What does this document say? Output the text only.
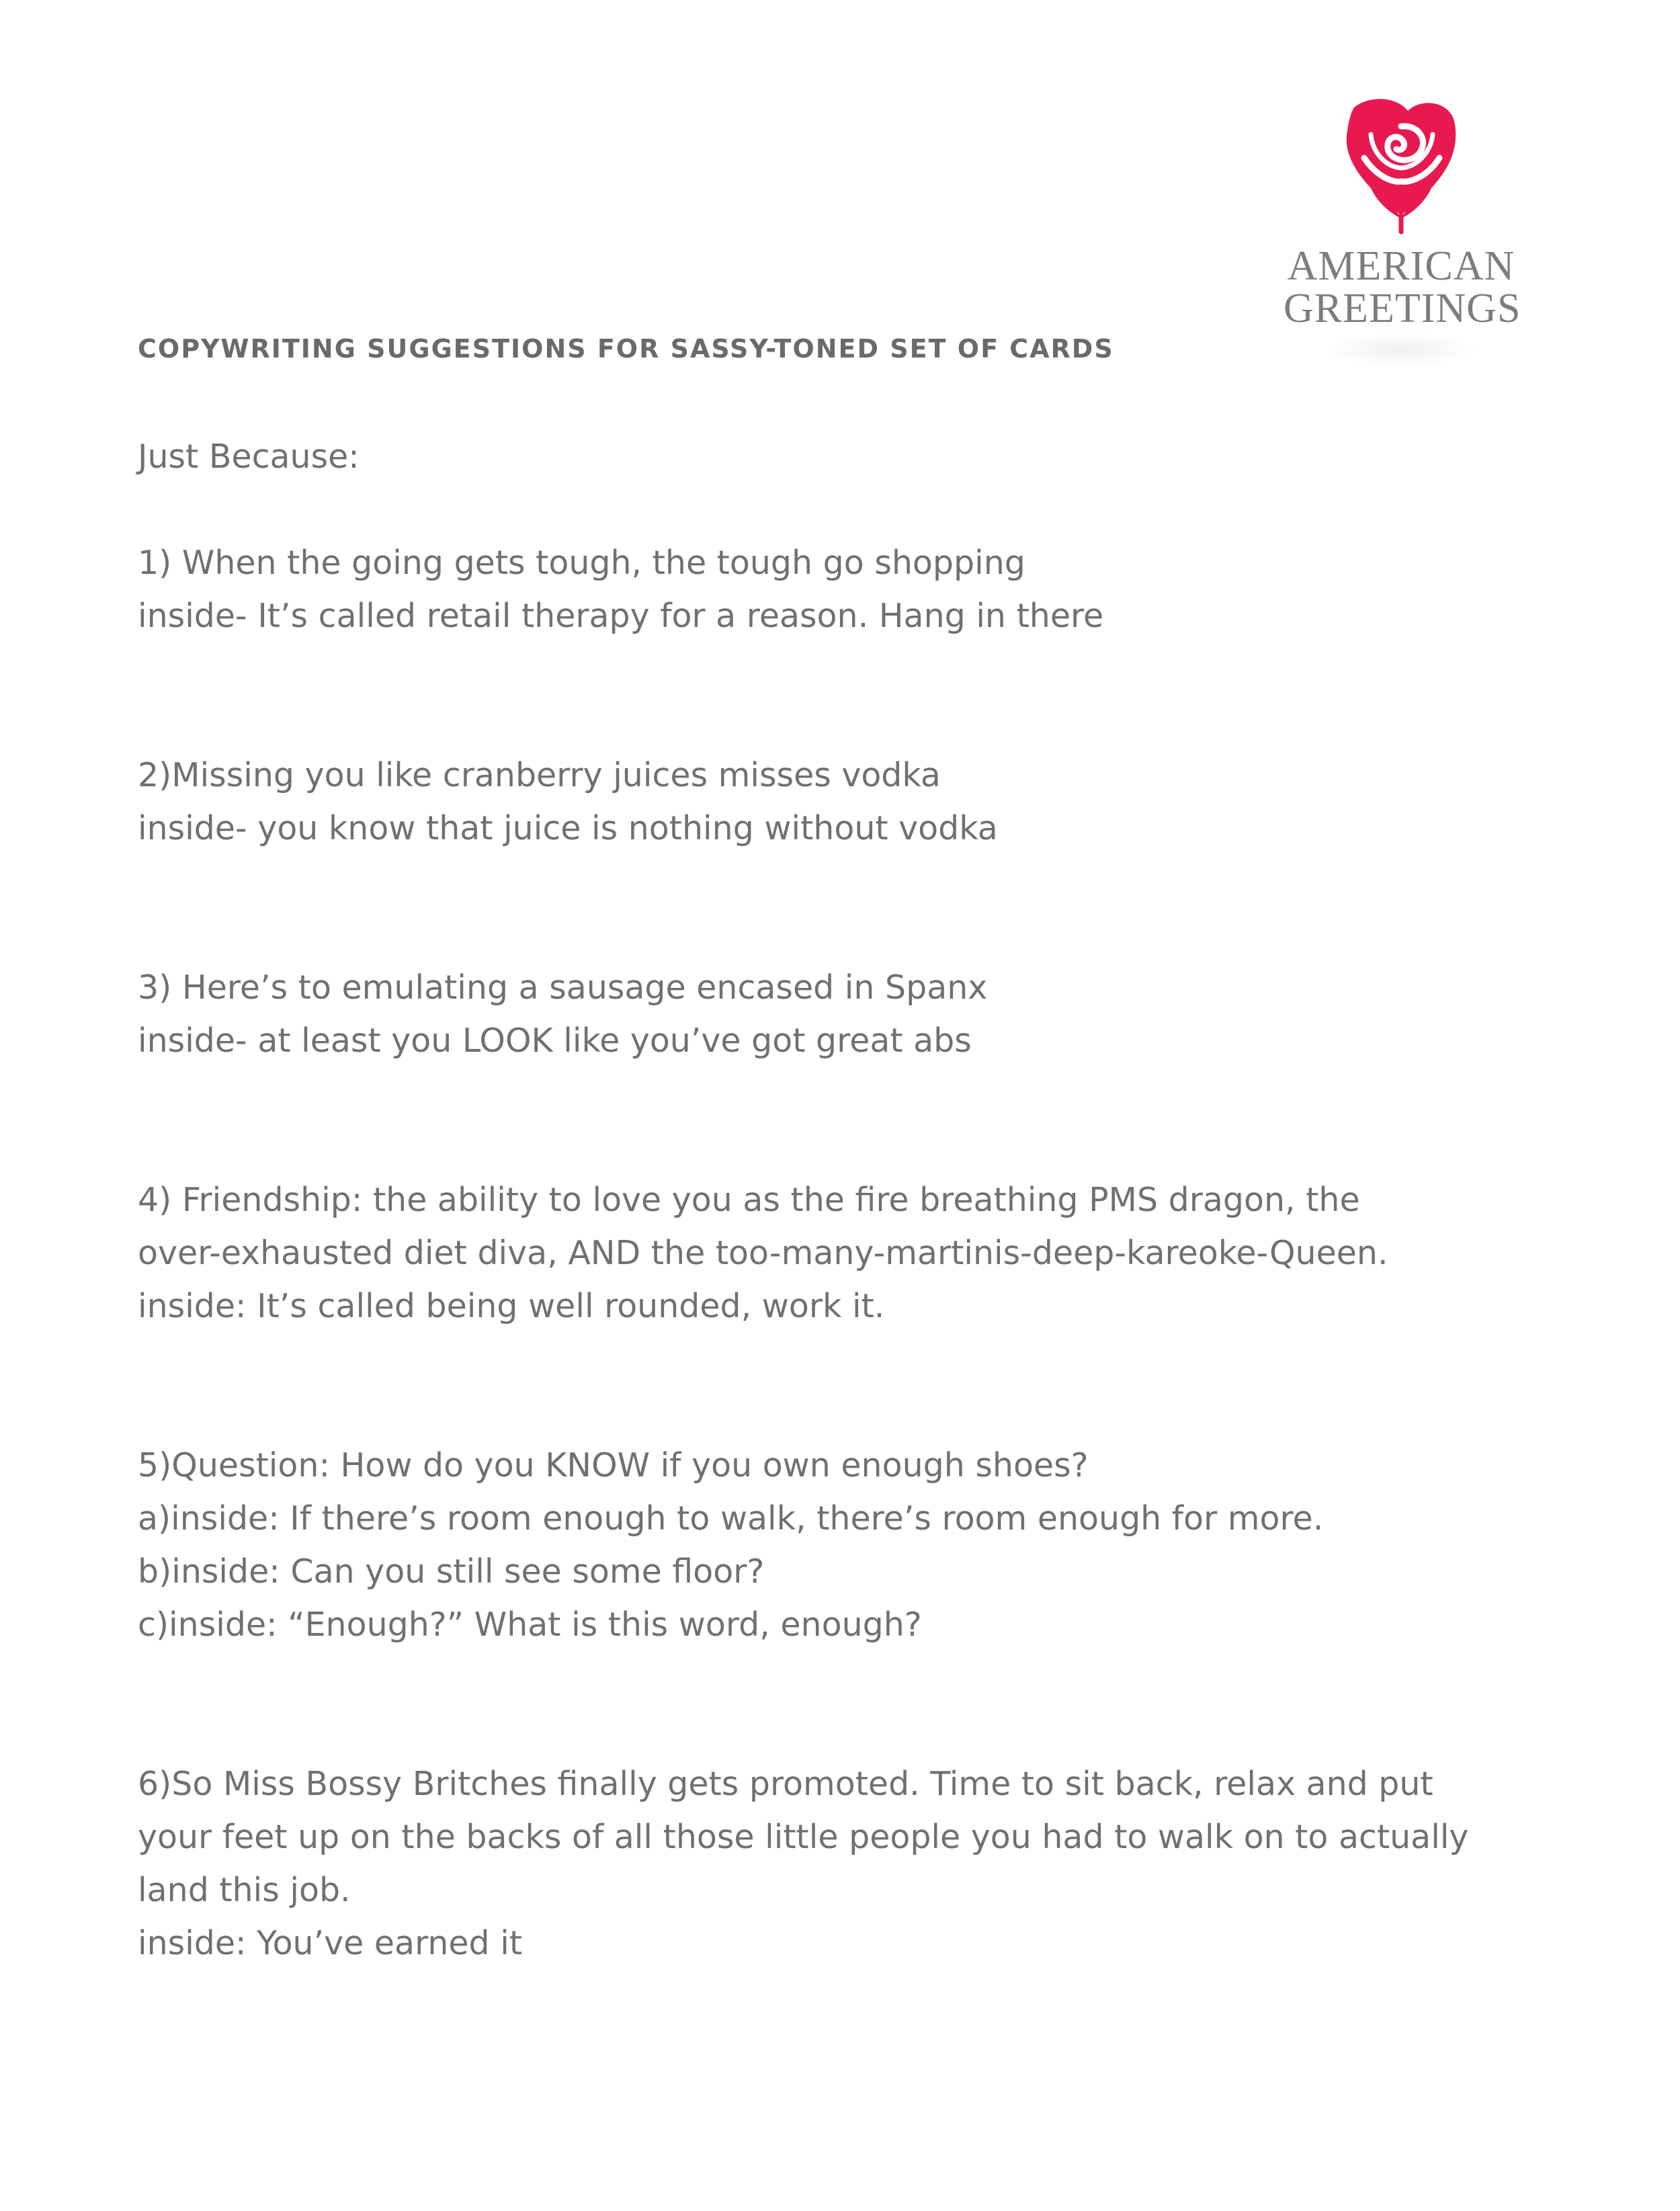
AMERICAN
GREETINGS
COPYWRITING SUGGESTIONS FOR SASSY-TONED SET OF CARDS

Just Because:

1) When the going gets tough, the tough go shopping

inside- It’s called retail therapy for a reason. Hang in there

2)Missing you like cranberry juices misses vodka

inside- you know that juice is nothing without vodka

3) Here’s to emulating a sausage encased in Spanx

inside- at least you LOOK like you’ve got great abs

4) Friendship: the ability to love you as the fire breathing PMS dragon, the

over-exhausted diet diva, AND the too-many-martinis-deep-kareoke-Queen.

inside: It’s called being well rounded, work it.

5)Question: How do you KNOW if you own enough shoes?

a)inside: If there’s room enough to walk, there’s room enough for more.

b)inside: Can you still see some floor?

c)inside: “Enough?” What is this word, enough?

6)So Miss Bossy Britches finally gets promoted. Time to sit back, relax and put

your feet up on the backs of all those little people you had to walk on to actually

land this job.

inside: You’ve earned it
